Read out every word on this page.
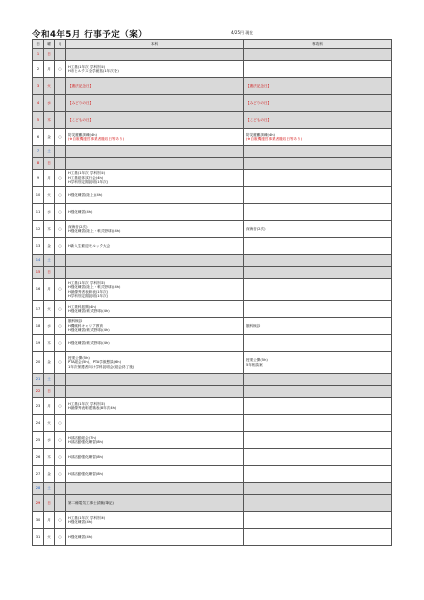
令和4年5月 行事予定（案）	4/25円 現在
日	曜	月	本科	専攻科
1	日			
2	月	○	H工基(1年次 学科別①)
H市ヒルクス全学統括(1年次を)	

3	火		【憲法記念日】	【憲法記念日】

4	水		【みどりの日】	【みどりの日】

5	木		【こどもの日】	【こどもの日】

6	金	○	防災避難訓練(4h)
(※自販機運営事業者撤収日等あり)	防災避難訓練(4h)
(※自販機運営事業者撤収日等あり)

7	土			
8	日			
9	月	○	H工基(1年次 学科別①)
H工基総体試行会(4h)
H学科別定期説明(1年次)	

10	火	○	H強化練習(陸上)(4h)	

11	水	○	H強化練習(4h)	

12	木	○	深海音(2次)
H強化練習(陸上・軟式野球)(4h)	深海音(2次)

13	金	○	H新入生歓迎モルック大会	

14	土			
15	日			
16	月	○	H工基(1年次 学科別②)
H強化練習(陸上・軟式野球)(4h)
H最優秀者表彰表(1年次)
H学科別定期説明(1年次)	

17	火	○	H工業科振興(4h)
H強化練習(軟式野球)(4h)	

18	水	○	額科検診
H機械科キャリア教育
H強化練習(軟式野球)(4h)	額科検診

19	木	○	H強化練習(軟式野球)(4h)	

20	金	○	授業公開(5h)
PTA総会(5h)、PTA学級懇談(6h)
1年次保護者向け学科説明会(総会終了後)	授業公開(5h)
5年相談案

21	土			
22	日			
23	月	○	H工基(1年次 学科別②)
H最優秀表彰建築表(8年次4h)	

24	火	○		
25	水	○	H部活動総会(7h)
H部活動強化練習(8h)	

26	木	○	H部活動強化練習(8h)	

27	金	○	H部活動強化練習(8h)	

28	土			
29	日		第二種電気工事士試験(筆記)	

30	月	○	H工基(1年次 学科別③)
H強化練習(4h)	

31	火	○	H強化練習(4h)	
